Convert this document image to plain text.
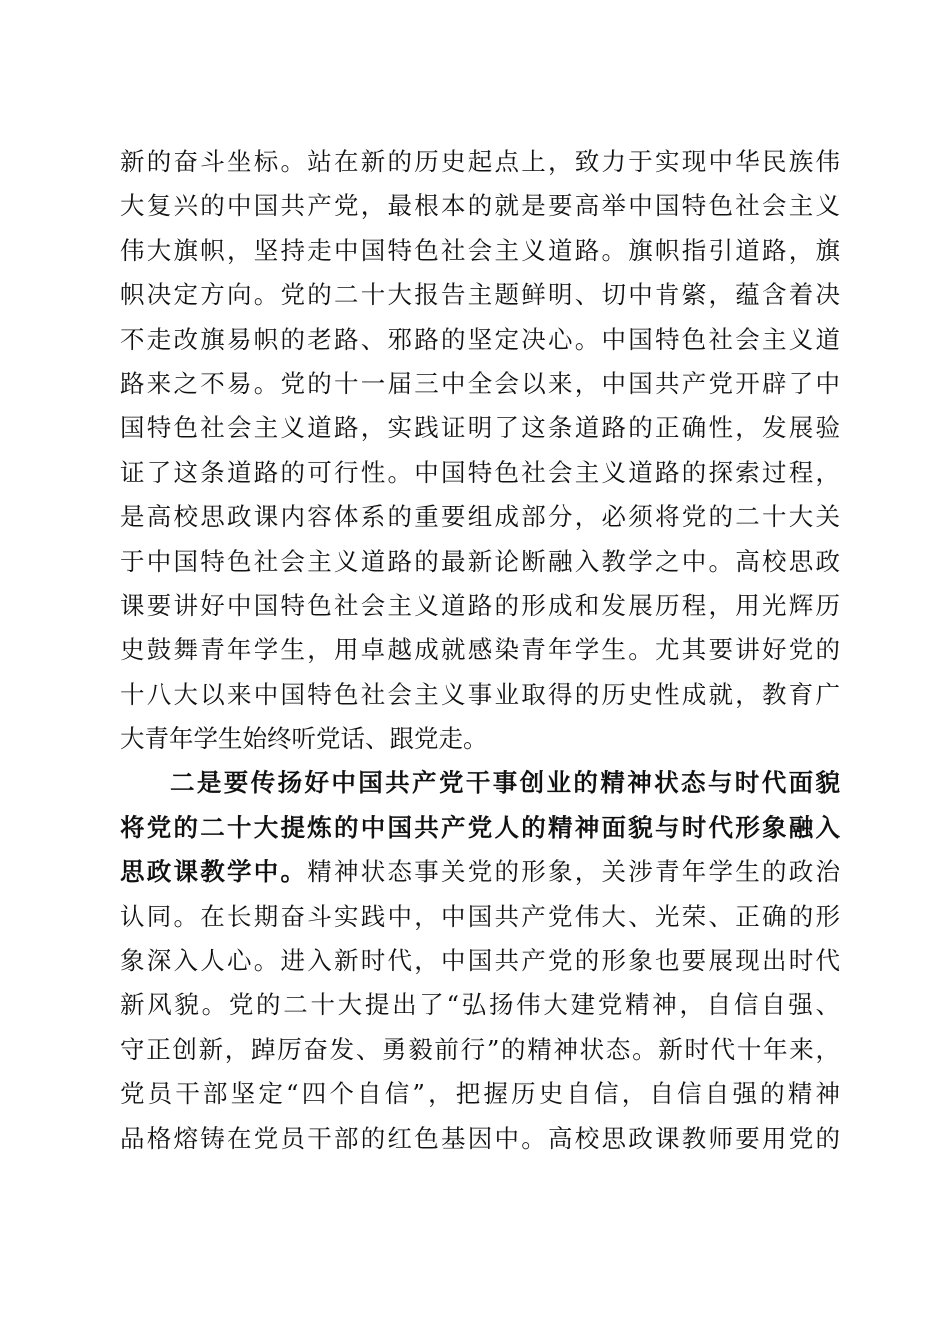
新的奋斗坐标。站在新的历史起点上，致力于实现中华民族伟
大复兴的中国共产党，最根本的就是要高举中国特色社会主义
伟大旗帜，坚持走中国特色社会主义道路。旗帜指引道路，旗
帜决定方向。党的二十大报告主题鲜明、切中肯綮，蕴含着决
不走改旗易帜的老路、邪路的坚定决心。中国特色社会主义道
路来之不易。党的十一届三中全会以来，中国共产党开辟了中
国特色社会主义道路，实践证明了这条道路的正确性，发展验
证了这条道路的可行性。中国特色社会主义道路的探索过程，
是高校思政课内容体系的重要组成部分，必须将党的二十大关
于中国特色社会主义道路的最新论断融入教学之中。高校思政
课要讲好中国特色社会主义道路的形成和发展历程，用光辉历
史鼓舞青年学生，用卓越成就感染青年学生。尤其要讲好党的
十八大以来中国特色社会主义事业取得的历史性成就，教育广
大青年学生始终听党话、跟党走。
二是要传扬好中国共产党干事创业的精神状态与时代面貌
将党的二十大提炼的中国共产党人的精神面貌与时代形象融入
思政课教学中。精神状态事关党的形象，关涉青年学生的政治
认同。在长期奋斗实践中，中国共产党伟大、光荣、正确的形
象深入人心。进入新时代，中国共产党的形象也要展现出时代
新风貌。党的二十大提出了“弘扬伟大建党精神，自信自强、
守正创新，踔厉奋发、勇毅前行”的精神状态。新时代十年来，
党员干部坚定“四个自信”，把握历史自信，自信自强的精神
品格熔铸在党员干部的红色基因中。高校思政课教师要用党的
